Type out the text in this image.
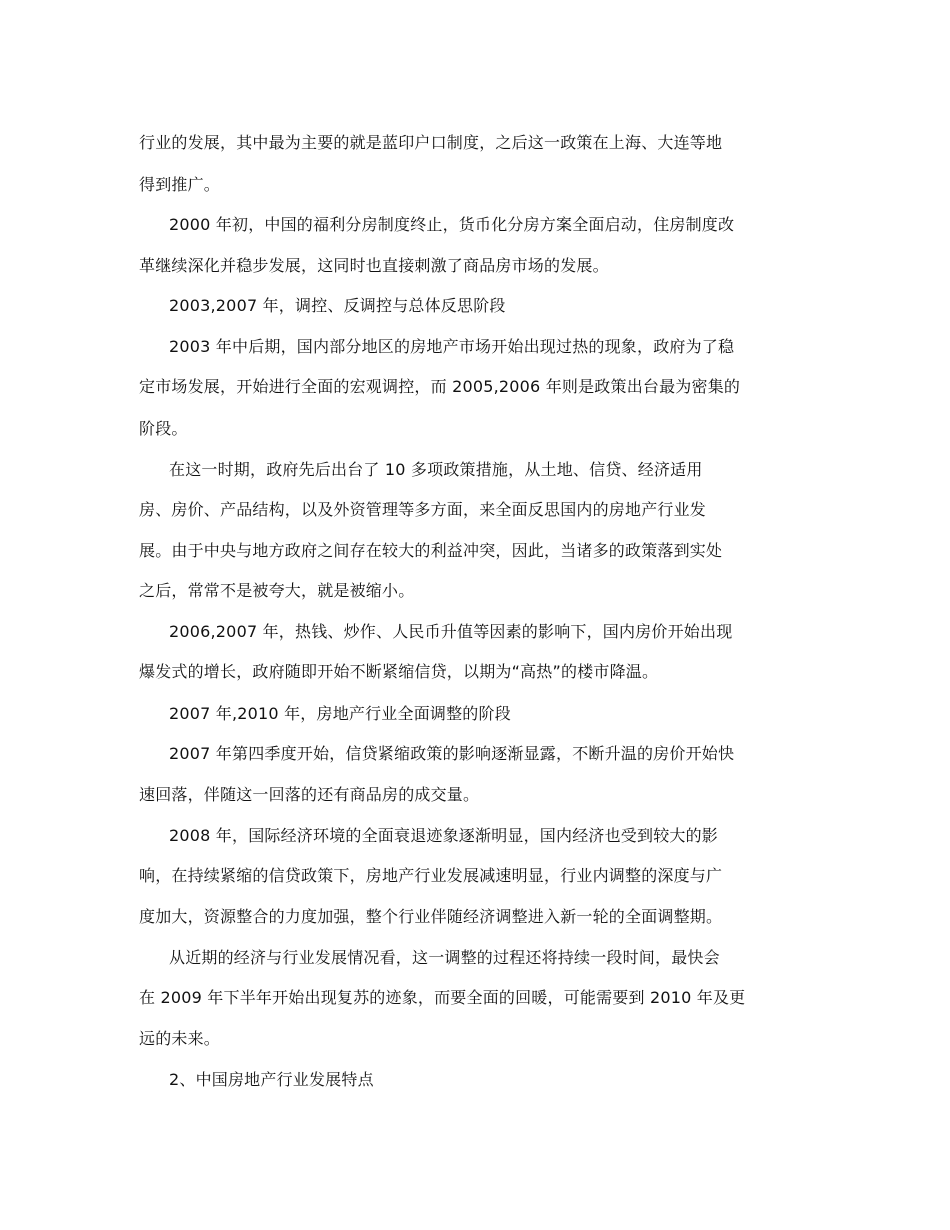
行业的发展，其中最为主要的就是蓝印户口制度，之后这一政策在上海、大连等地
得到推广。
2000 年初，中国的福利分房制度终止，货币化分房方案全面启动，住房制度改
革继续深化并稳步发展，这同时也直接刺激了商品房市场的发展。
2003,2007 年，调控、反调控与总体反思阶段
2003 年中后期，国内部分地区的房地产市场开始出现过热的现象，政府为了稳
定市场发展，开始进行全面的宏观调控，而 2005,2006 年则是政策出台最为密集的
阶段。
在这一时期，政府先后出台了 10 多项政策措施，从土地、信贷、经济适用
房、房价、产品结构，以及外资管理等多方面，来全面反思国内的房地产行业发
展。由于中央与地方政府之间存在较大的利益冲突，因此，当诸多的政策落到实处
之后，常常不是被夸大，就是被缩小。
2006,2007 年，热钱、炒作、人民币升值等因素的影响下，国内房价开始出现
爆发式的增长，政府随即开始不断紧缩信贷，以期为“高热”的楼市降温。
2007 年,2010 年，房地产行业全面调整的阶段
2007 年第四季度开始，信贷紧缩政策的影响逐渐显露，不断升温的房价开始快
速回落，伴随这一回落的还有商品房的成交量。
2008 年，国际经济环境的全面衰退迹象逐渐明显，国内经济也受到较大的影
响，在持续紧缩的信贷政策下，房地产行业发展减速明显，行业内调整的深度与广
度加大，资源整合的力度加强，整个行业伴随经济调整进入新一轮的全面调整期。
从近期的经济与行业发展情况看，这一调整的过程还将持续一段时间，最快会
在 2009 年下半年开始出现复苏的迹象，而要全面的回暖，可能需要到 2010 年及更
远的未来。
2、中国房地产行业发展特点
